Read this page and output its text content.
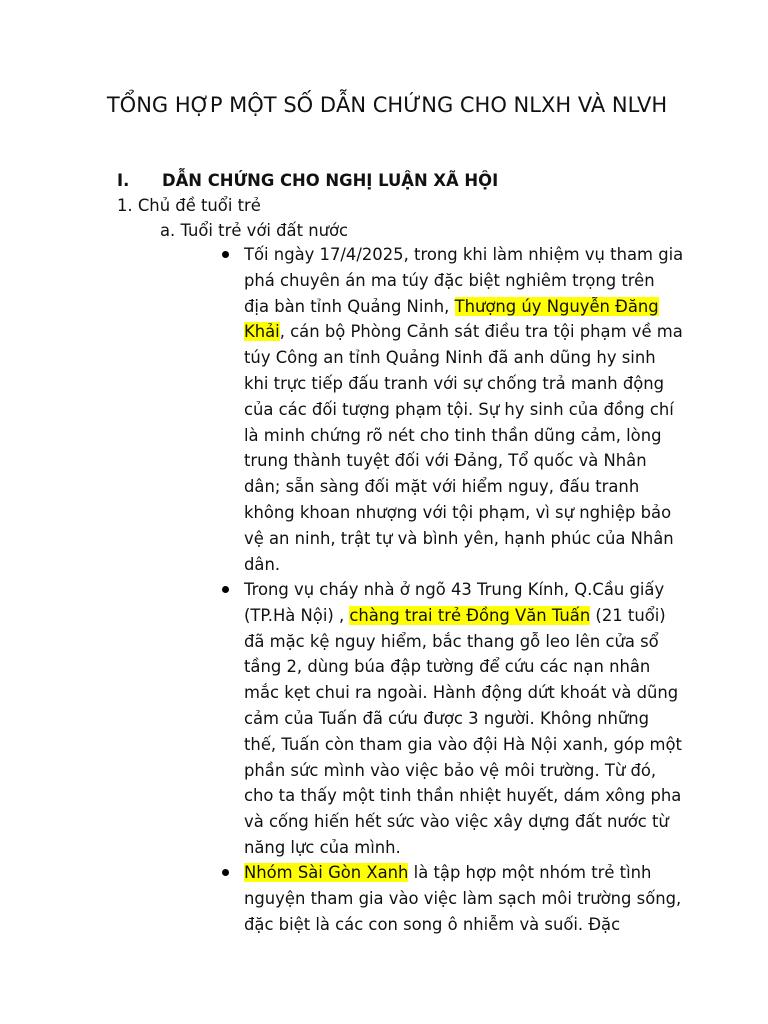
TỔNG HỢP MỘT SỐ DẪN CHỨNG CHO NLXH VÀ NLVH
I. DẪN CHỨNG CHO NGHỊ LUẬN XÃ HỘI
1. Chủ đề tuổi trẻ
a. Tuổi trẻ với đất nước
Tối ngày 17/4/2025, trong khi làm nhiệm vụ tham gia phá chuyên án ma túy đặc biệt nghiêm trọng trên địa bàn tỉnh Quảng Ninh, Thượng úy Nguyễn Đăng Khải, cán bộ Phòng Cảnh sát điều tra tội phạm về ma túy Công an tỉnh Quảng Ninh đã anh dũng hy sinh khi trực tiếp đấu tranh với sự chống trả manh động của các đối tượng phạm tội. Sự hy sinh của đồng chí là minh chứng rõ nét cho tinh thần dũng cảm, lòng trung thành tuyệt đối với Đảng, Tổ quốc và Nhân dân; sẵn sàng đối mặt với hiểm nguy, đấu tranh không khoan nhượng với tội phạm, vì sự nghiệp bảo vệ an ninh, trật tự và bình yên, hạnh phúc của Nhân dân.
Trong vụ cháy nhà ở ngõ 43 Trung Kính, Q.Cầu giấy (TP.Hà Nội) , chàng trai trẻ Đồng Văn Tuấn (21 tuổi) đã mặc kệ nguy hiểm, bắc thang gỗ leo lên cửa sổ tầng 2, dùng búa đập tường để cứu các nạn nhân mắc kẹt chui ra ngoài. Hành động dứt khoát và dũng cảm của Tuấn đã cứu được 3 người. Không những thế, Tuấn còn tham gia vào đội Hà Nội xanh, góp một phần sức mình vào việc bảo vệ môi trường. Từ đó, cho ta thấy một tinh thần nhiệt huyết, dám xông pha và cống hiến hết sức vào việc xây dựng đất nước từ năng lực của mình.
Nhóm Sài Gòn Xanh là tập hợp một nhóm trẻ tình nguyện tham gia vào việc làm sạch môi trường sống, đặc biệt là các con song ô nhiễm và suối. Đặc
